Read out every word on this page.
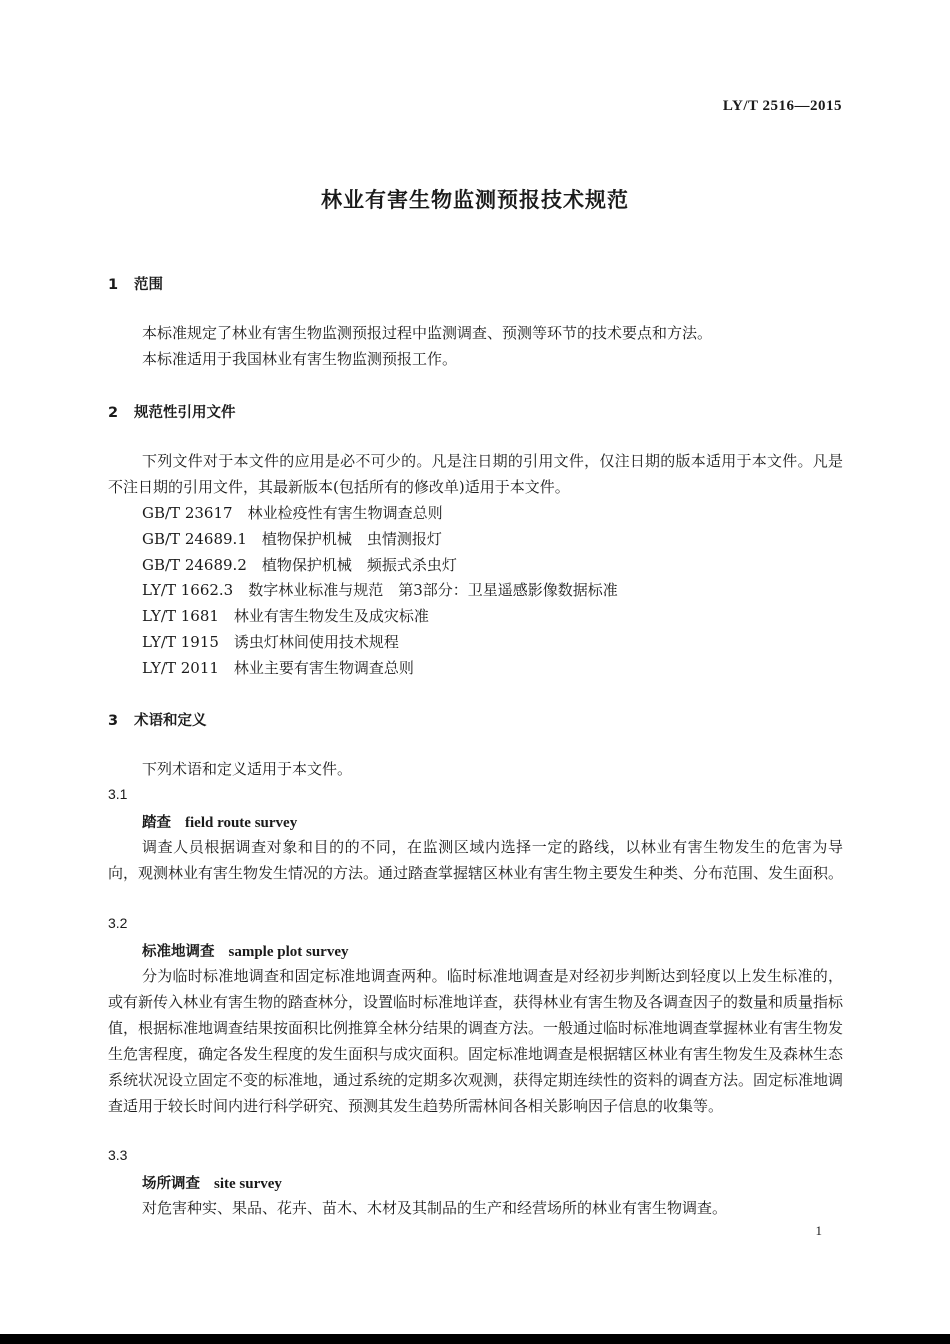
LY/T 2516—2015
林业有害生物监测预报技术规范
1 范围
本标准规定了林业有害生物监测预报过程中监测调查、预测等环节的技术要点和方法。
本标准适用于我国林业有害生物监测预报工作。
2 规范性引用文件
下列文件对于本文件的应用是必不可少的。凡是注日期的引用文件，仅注日期的版本适用于本文件。凡是不注日期的引用文件，其最新版本(包括所有的修改单)适用于本文件。
GB/T 23617　 林业检疫性有害生物调查总则
GB/T 24689.1　 植物保护机械　虫情测报灯
GB/T 24689.2　 植物保护机械　频振式杀虫灯
LY/T 1662.3　 数字林业标准与规范　第3部分：卫星遥感影像数据标准
LY/T 1681　 林业有害生物发生及成灾标准
LY/T 1915　 诱虫灯林间使用技术规程
LY/T 2011　 林业主要有害生物调查总则
3 术语和定义
下列术语和定义适用于本文件。
3.1
踏查 field route survey
调查人员根据调查对象和目的的不同，在监测区域内选择一定的路线，以林业有害生物发生的危害为导向，观测林业有害生物发生情况的方法。通过踏查掌握辖区林业有害生物主要发生种类、分布范围、发生面积。
3.2
标准地调查 sample plot survey
分为临时标准地调查和固定标准地调查两种。临时标准地调查是对经初步判断达到轻度以上发生标准的，或有新传入林业有害生物的踏查林分，设置临时标准地详查，获得林业有害生物及各调查因子的数量和质量指标值，根据标准地调查结果按面积比例推算全林分结果的调查方法。一般通过临时标准地调查掌握林业有害生物发生危害程度，确定各发生程度的发生面积与成灾面积。固定标准地调查是根据辖区林业有害生物发生及森林生态系统状况设立固定不变的标准地，通过系统的定期多次观测，获得定期连续性的资料的调查方法。固定标准地调查适用于较长时间内进行科学研究、预测其发生趋势所需林间各相关影响因子信息的收集等。
3.3
场所调查 site survey
对危害种实、果品、花卉、苗木、木材及其制品的生产和经营场所的林业有害生物调查。
1
